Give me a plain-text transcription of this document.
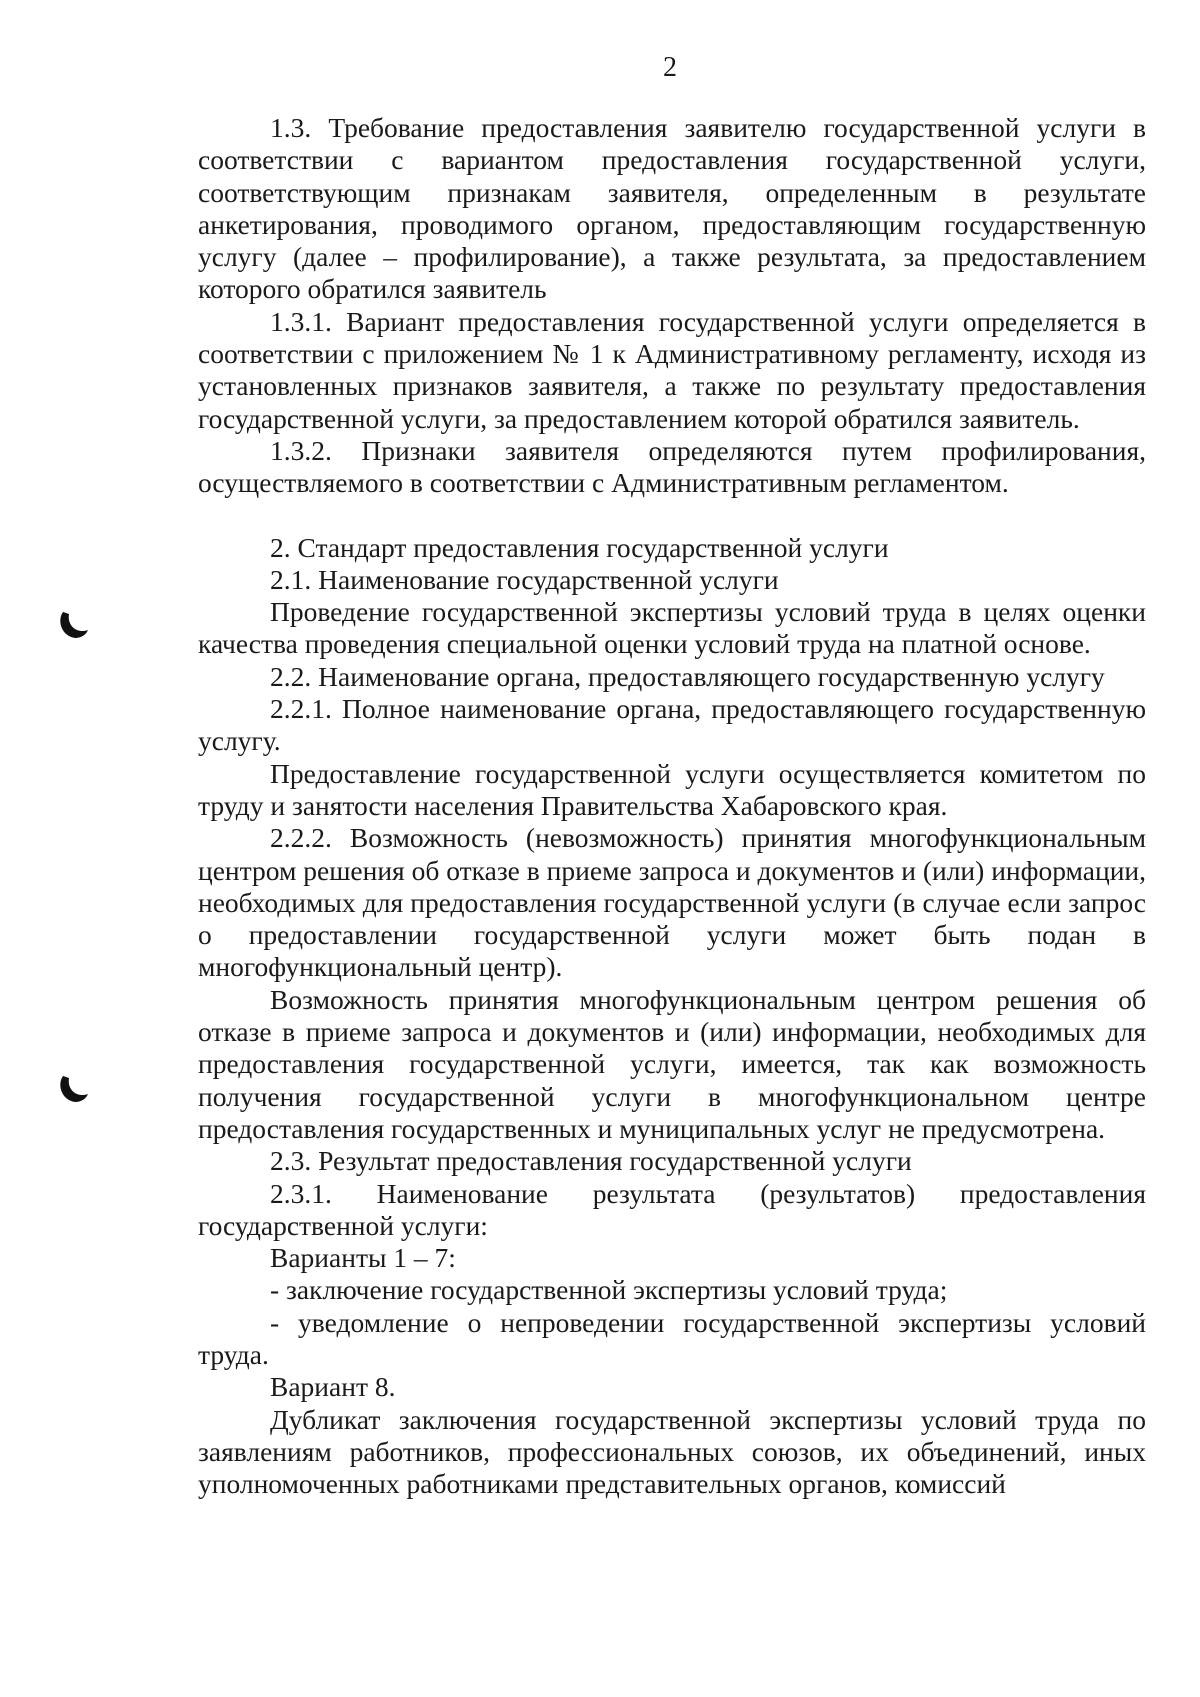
2

1.3. Требование предоставления заявителю государственной услуги в соответствии с вариантом предоставления государственной услуги, соответствующим признакам заявителя, определенным в результате анкетирования, проводимого органом, предоставляющим государственную услугу (далее – профилирование), а также результата, за предоставлением которого обратился заявитель

1.3.1. Вариант предоставления государственной услуги определяется в соответствии с приложением № 1 к Административному регламенту, исходя из установленных признаков заявителя, а также по результату предоставления государственной услуги, за предоставлением которой обратился заявитель.

1.3.2. Признаки заявителя определяются путем профилирования, осуществляемого в соответствии с Административным регламентом.

2. Стандарт предоставления государственной услуги

2.1. Наименование государственной услуги

Проведение государственной экспертизы условий труда в целях оценки качества проведения специальной оценки условий труда на платной основе.

2.2. Наименование органа, предоставляющего государственную услугу

2.2.1. Полное наименование органа, предоставляющего государственную услугу.

Предоставление государственной услуги осуществляется комитетом по труду и занятости населения Правительства Хабаровского края.

2.2.2. Возможность (невозможность) принятия многофункциональным центром решения об отказе в приеме запроса и документов и (или) информации, необходимых для предоставления государственной услуги (в случае если запрос о предоставлении государственной услуги может быть подан в многофункциональный центр).

Возможность принятия многофункциональным центром решения об отказе в приеме запроса и документов и (или) информации, необходимых для предоставления государственной услуги, имеется, так как возможность получения государственной услуги в многофункциональном центре предоставления государственных и муниципальных услуг не предусмотрена.

2.3. Результат предоставления государственной услуги

2.3.1. Наименование результата (результатов) предоставления государственной услуги:

Варианты 1 – 7:

- заключение государственной экспертизы условий труда;

- уведомление о непроведении государственной экспертизы условий труда.

Вариант 8.

Дубликат заключения государственной экспертизы условий труда по заявлениям работников, профессиональных союзов, их объединений, иных уполномоченных работниками представительных органов, комиссий
